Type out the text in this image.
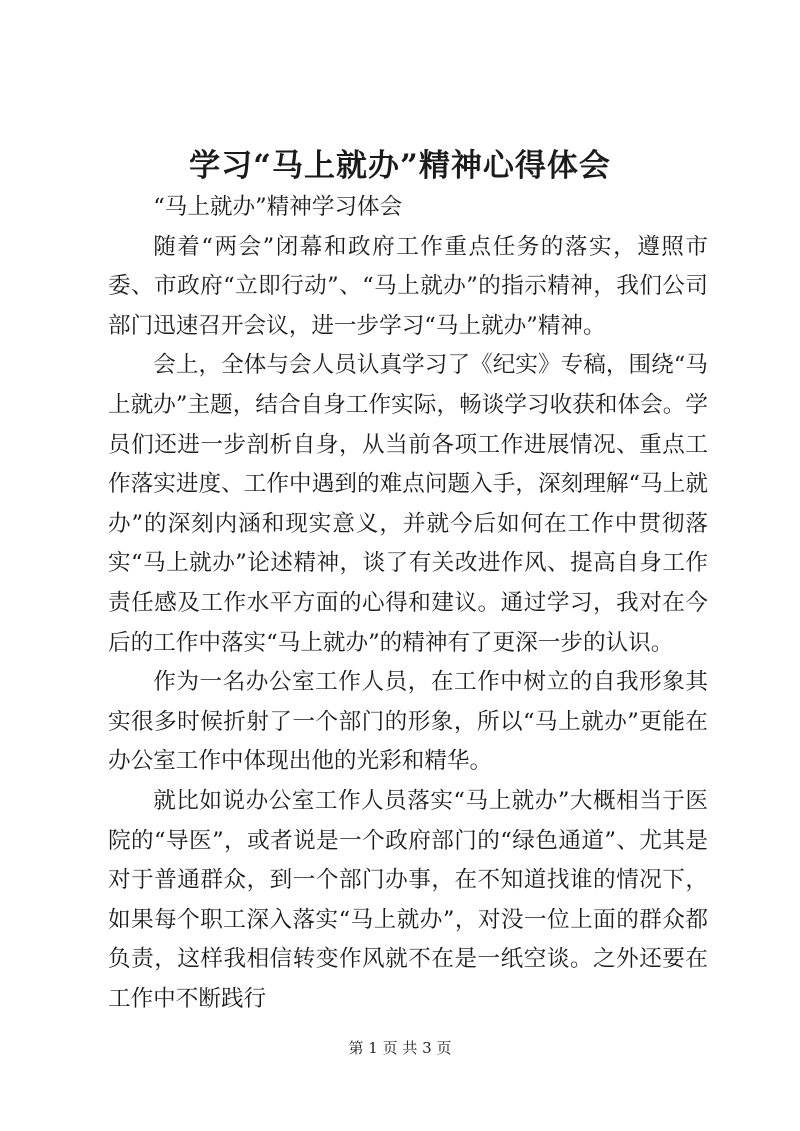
学习“马上就办”精神心得体会

“马上就办”精神学习体会

随着“两会”闭幕和政府工作重点任务的落实，遵照市委、市政府“立即行动”、“马上就办”的指示精神，我们公司部门迅速召开会议，进一步学习“马上就办”精神。

会上，全体与会人员认真学习了《纪实》专稿，围绕“马上就办”主题，结合自身工作实际，畅谈学习收获和体会。学员们还进一步剖析自身，从当前各项工作进展情况、重点工作落实进度、工作中遇到的难点问题入手，深刻理解“马上就办”的深刻内涵和现实意义，并就今后如何在工作中贯彻落实“马上就办”论述精神，谈了有关改进作风、提高自身工作责任感及工作水平方面的心得和建议。通过学习，我对在今后的工作中落实“马上就办”的精神有了更深一步的认识。

作为一名办公室工作人员，在工作中树立的自我形象其实很多时候折射了一个部门的形象，所以“马上就办”更能在办公室工作中体现出他的光彩和精华。

就比如说办公室工作人员落实“马上就办”大概相当于医院的“导医”，或者说是一个政府部门的“绿色通道”、尤其是对于普通群众，到一个部门办事，在不知道找谁的情况下，如果每个职工深入落实“马上就办”，对没一位上面的群众都负责，这样我相信转变作风就不在是一纸空谈。之外还要在工作中不断践行

第 1 页 共 3 页
